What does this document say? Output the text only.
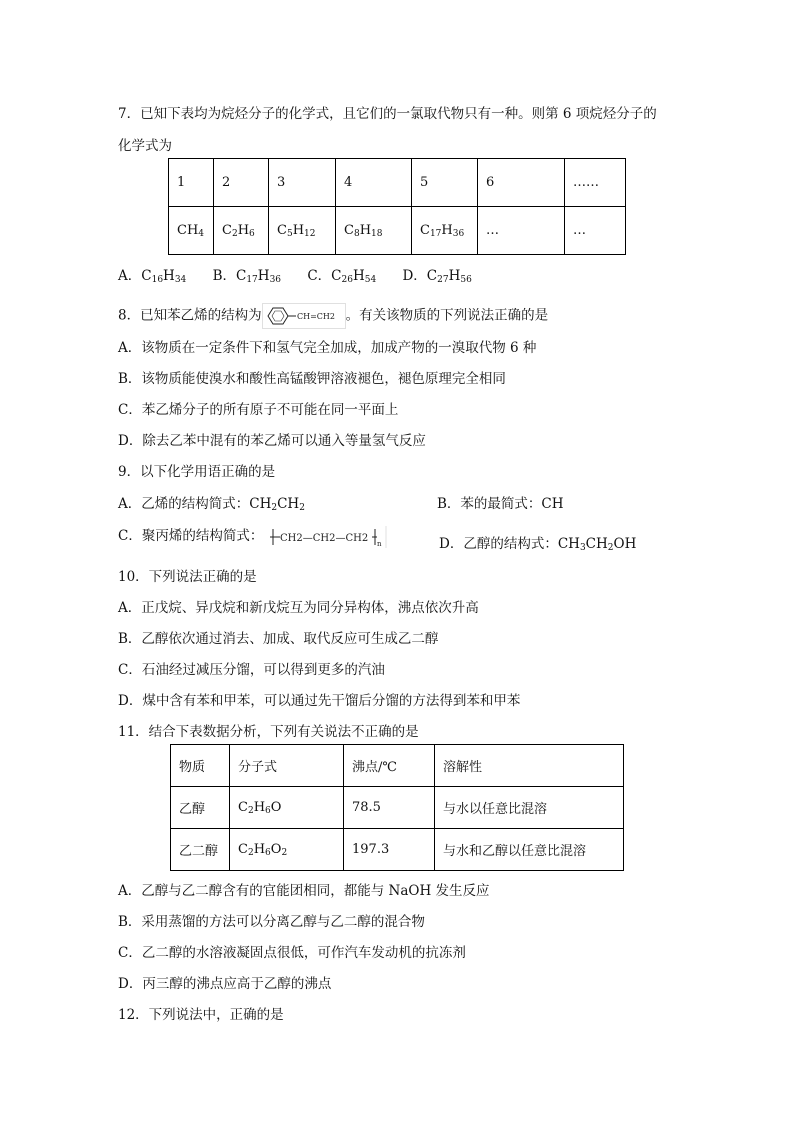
7．已知下表均为烷烃分子的化学式，且它们的一氯取代物只有一种。则第 6 项烷烃分子的
化学式为
1	2	3	4	5	6	……
$CH_4$	$C_2H_6$	$C_5H_{12}$	$C_8H_{18}$	$C_{17}H_{36}$	…	…
A．$C_{16}H_{34}$ B．$C_{17}H_{36}$ C．$C_{26}H_{54}$ D．$C_{27}H_{56}$
8．已知苯乙烯的结构为	CH=CH2 。有关该物质的下列说法正确的是
A．该物质在一定条件下和氢气完全加成，加成产物的一溴取代物 6 种
B．该物质能使溴水和酸性高锰酸钾溶液褪色，褪色原理完全相同
C．苯乙烯分子的所有原子不可能在同一平面上
D．除去乙苯中混有的苯乙烯可以通入等量氢气反应
9．以下化学用语正确的是
A．乙烯的结构简式：$CH_2CH_2$	B．苯的最简式：CH
C．聚丙烯的结构简式： CH2—CH2—CH2 n	D．乙醇的结构式：$CH_3CH_2OH$
10．下列说法正确的是
A．正戊烷、异戊烷和新戊烷互为同分异构体，沸点依次升高
B．乙醇依次通过消去、加成、取代反应可生成乙二醇
C．石油经过减压分馏，可以得到更多的汽油
D．煤中含有苯和甲苯，可以通过先干馏后分馏的方法得到苯和甲苯
11．结合下表数据分析，下列有关说法不正确的是
物质	分子式	沸点/℃	溶解性
乙醇	$C_2H_6O$	78.5	与水以任意比混溶
乙二醇	$C_2H_6O_2$	197.3	与水和乙醇以任意比混溶
A．乙醇与乙二醇含有的官能团相同，都能与 NaOH 发生反应
B．采用蒸馏的方法可以分离乙醇与乙二醇的混合物
C．乙二醇的水溶液凝固点很低，可作汽车发动机的抗冻剂
D．丙三醇的沸点应高于乙醇的沸点
12．下列说法中，正确的是
